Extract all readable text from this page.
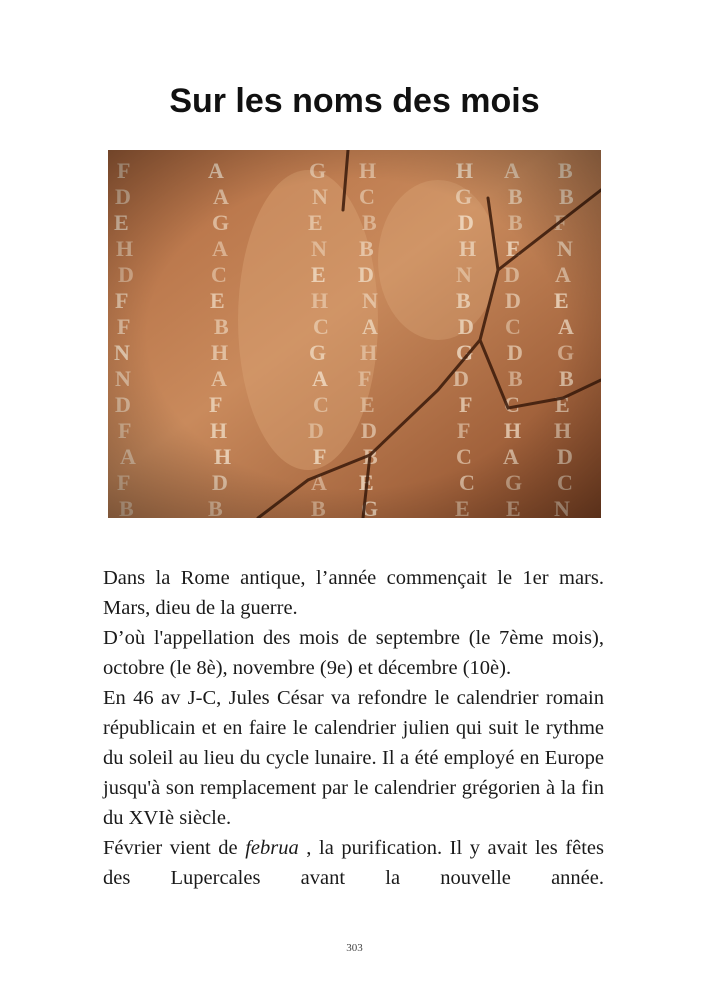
Sur les noms des mois

Dans la Rome antique, l’année commençait le 1er mars. Mars, dieu de la guerre.

D’où l'appellation des mois de septembre (le 7ème mois), octobre (le 8è), novembre (9e) et décembre (10è).

En 46 av J-C, Jules César va refondre le calendrier romain républicain et en faire le calendrier julien qui suit le rythme du soleil au lieu du cycle lunaire. Il a été employé en Europe jusqu'à son remplacement par le calendrier grégorien à la fin du XVIè siècle.

Février vient de februa , la purification. Il y avait les fêtes des Lupercales avant la nouvelle année.

303
